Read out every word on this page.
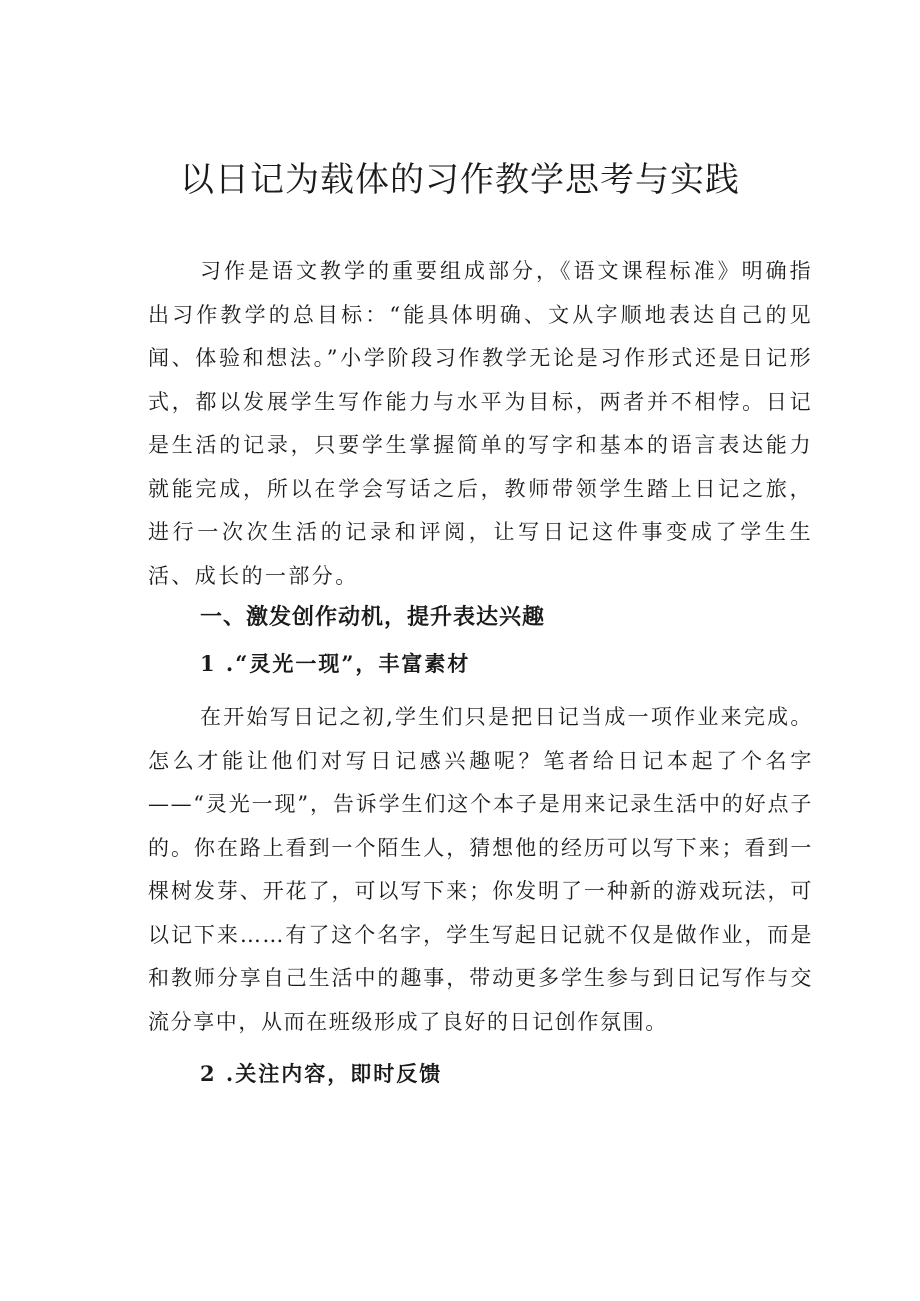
以日记为载体的习作教学思考与实践

习作是语文教学的重要组成部分，《语文课程标准》明确指出习作教学的总目标：“能具体明确、文从字顺地表达自己的见闻、体验和想法。”小学阶段习作教学无论是习作形式还是日记形式，都以发展学生写作能力与水平为目标，两者并不相悖。日记是生活的记录，只要学生掌握简单的写字和基本的语言表达能力就能完成，所以在学会写话之后，教师带领学生踏上日记之旅，进行一次次生活的记录和评阅，让写日记这件事变成了学生生活、成长的一部分。

一、激发创作动机，提升表达兴趣
1 .“灵光一现”，丰富素材

在开始写日记之初,学生们只是把日记当成一项作业来完成。怎么才能让他们对写日记感兴趣呢？笔者给日记本起了个名字——“灵光一现”，告诉学生们这个本子是用来记录生活中的好点子的。你在路上看到一个陌生人，猜想他的经历可以写下来；看到一棵树发芽、开花了，可以写下来；你发明了一种新的游戏玩法，可以记下来……有了这个名字，学生写起日记就不仅是做作业，而是和教师分享自己生活中的趣事，带动更多学生参与到日记写作与交流分享中，从而在班级形成了良好的日记创作氛围。

2 .关注内容，即时反馈
